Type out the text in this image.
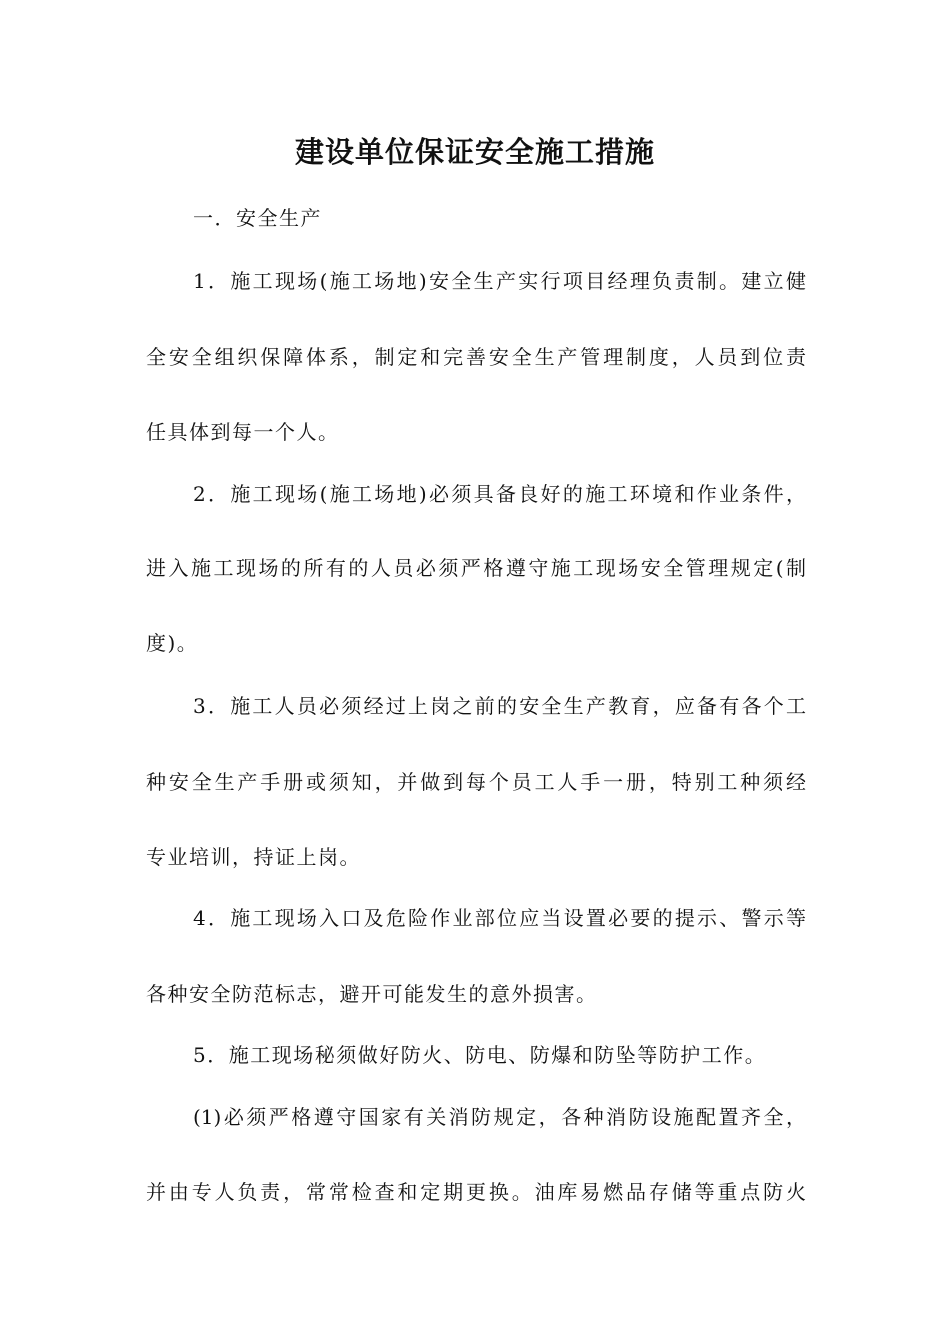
建设单位保证安全施工措施
一．安全生产
1．施工现场(施工场地)安全生产实行项目经理负责制。建立健
全安全组织保障体系，制定和完善安全生产管理制度，人员到位责
任具体到每一个人。
2．施工现场(施工场地)必须具备良好的施工环境和作业条件，
进入施工现场的所有的人员必须严格遵守施工现场安全管理规定(制
度)。
3．施工人员必须经过上岗之前的安全生产教育，应备有各个工
种安全生产手册或须知，并做到每个员工人手一册，特别工种须经
专业培训，持证上岗。
4．施工现场入口及危险作业部位应当设置必要的提示、警示等
各种安全防范标志，避开可能发生的意外损害。
5．施工现场秘须做好防火、防电、防爆和防坠等防护工作。
(1)必须严格遵守国家有关消防规定，各种消防设施配置齐全，
并由专人负责，常常检查和定期更换。油库易燃品存储等重点防火
